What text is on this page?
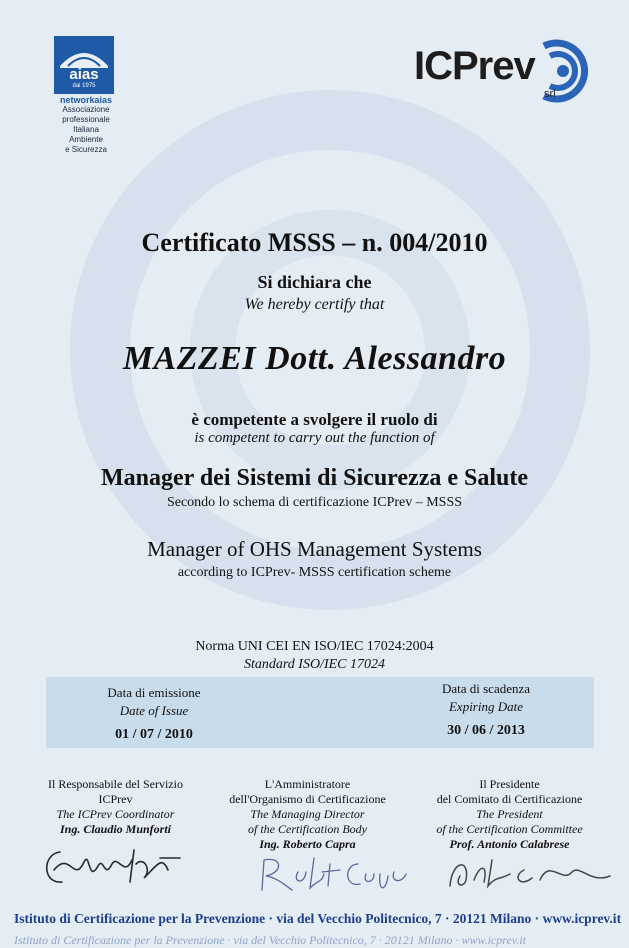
aias
dal 1975
networkaias
Associazione
professionale
Italiana
Ambiente
e Sicurezza
ICPrev
srl
Certificato MSSS – n. 004/2010
Si dichiara che
We hereby certify that
MAZZEI Dott. Alessandro
è competente a svolgere il ruolo di
is competent to carry out the function of
Manager dei Sistemi di Sicurezza e Salute
Secondo lo schema di certificazione ICPrev – MSSS
Manager of OHS Management Systems
according to ICPrev- MSSS certification scheme
Norma UNI CEI EN ISO/IEC 17024:2004
Standard ISO/IEC 17024
Data di emissione
Date of Issue
01 / 07 / 2010
Data di scadenza
Expiring Date
30 / 06 / 2013
Il Responsabile del Servizio
ICPrev
The ICPrev Coordinator
Ing. Claudio Munforti
L'Amministratore
dell'Organismo di Certificazione
The Managing Director
of the Certification Body
Ing. Roberto Capra
Il Presidente
del Comitato di Certificazione
The President
of the Certification Committee
Prof. Antonio Calabrese
Istituto di Certificazione per la Prevenzione · via del Vecchio Politecnico, 7 · 20121 Milano · www.icprev.it
Istituto di Certificazione per la Prevenzione · via del Vecchio Politecnico, 7 · 20121 Milano · www.icprev.it
